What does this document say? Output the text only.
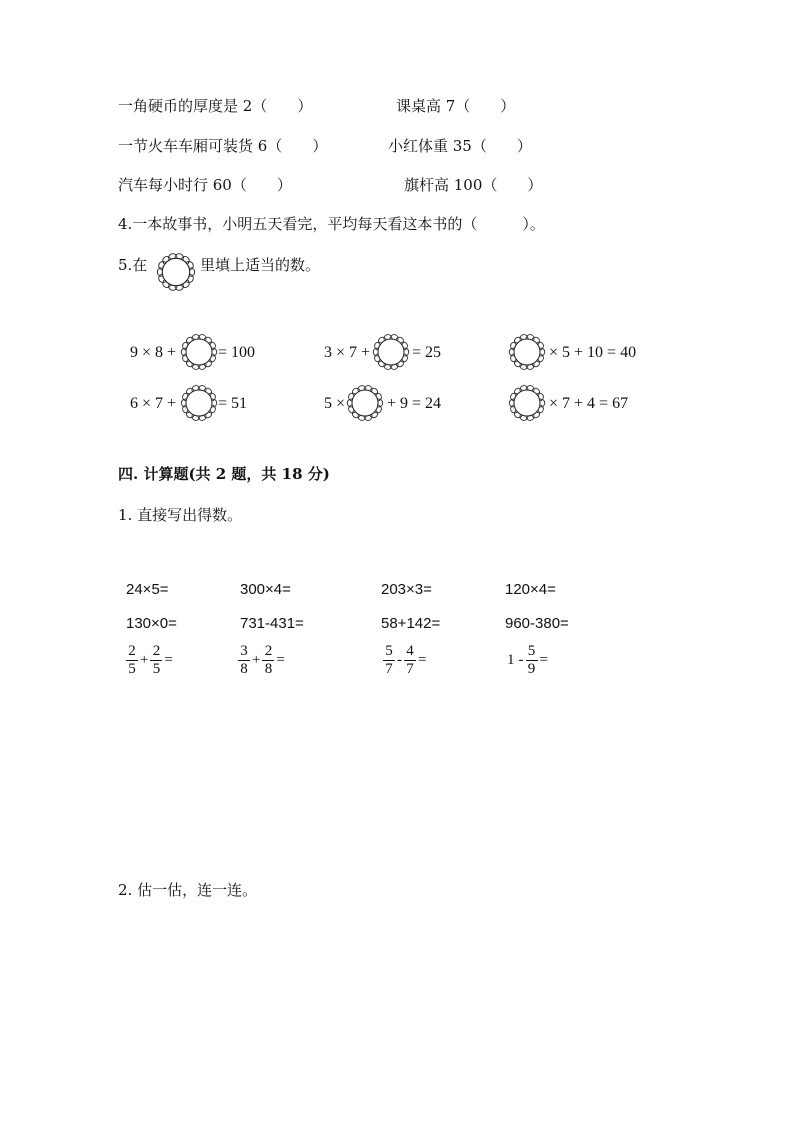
一角硬币的厚度是 2（　　）	课桌高 7（　　）
一节火车车厢可装货 6（　　）	小红体重 35（　　）
汽车每小时行 60（　　）	旗杆高 100（　　）
4.一本故事书，小明五天看完，平均每天看这本书的（　　　）。
5.在	里填上适当的数。
9 × 8 +	= 100	3 × 7 +	= 25	× 5 + 10 = 40
6 × 7 +	= 51	5 ×	+ 9 = 24	× 7 + 4 = 67
四. 计算题(共 2 题，共 18 分)
1. 直接写出得数。
24×5=	300×4=	203×3=	120×4=
130×0=	731-431=	58+142=	960-380=
$\frac{2}{5} + \frac{2}{5}$ =	$\frac{3}{8} + \frac{2}{8}$ =	$\frac{5}{7} - \frac{4}{7}$ =	$1 - \frac{5}{9}$ =
2. 估一估，连一连。
